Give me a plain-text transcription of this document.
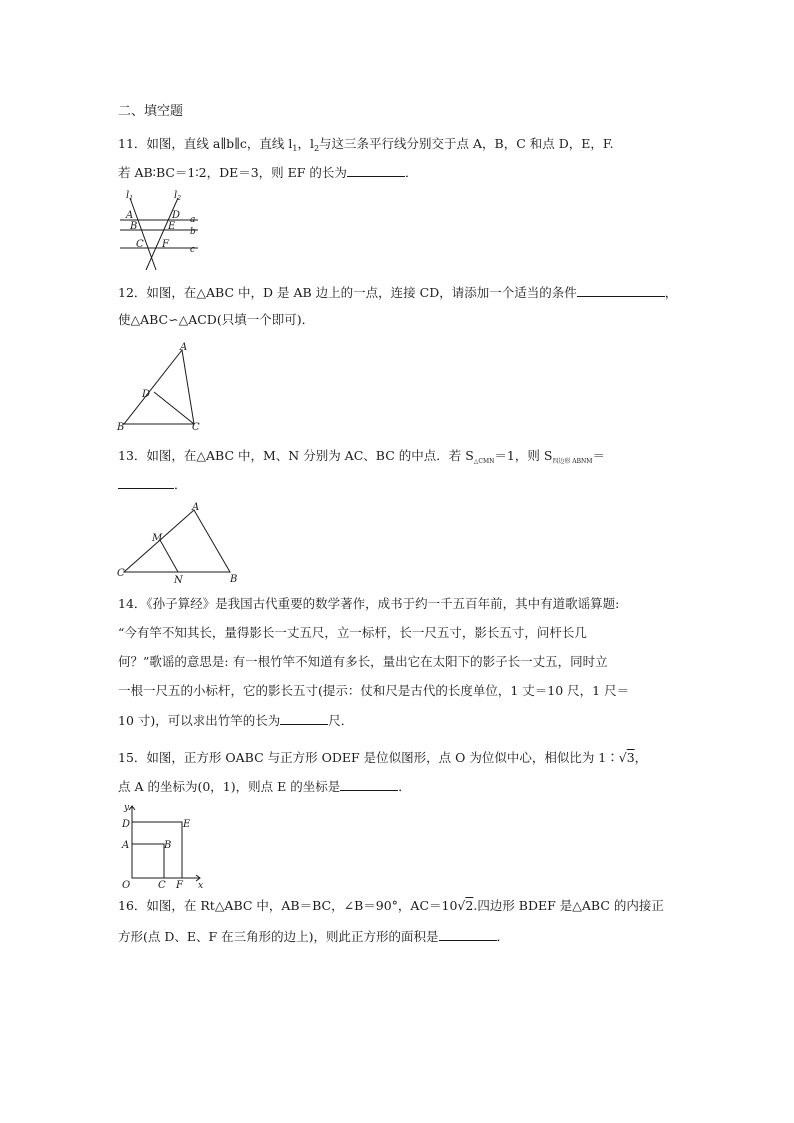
二、填空题
11．如图，直线 a∥b∥c，直线 $l_1$，$l_2$与这三条平行线分别交于点 A，B，C 和点 D，E，F.
若 AB∶BC＝1∶2，DE＝3，则 EF 的长为	．
$l_1$	$l_2$
A
B
C
D
E
F
a
b
c
12．如图，在△ABC 中，D 是 AB 边上的一点，连接 CD，请添加一个适当的条件	，
使△ABC∽△ACD(只填一个即可)．
A
B	C
D
13．如图，在△ABC 中，M、N 分别为 AC、BC 的中点．若 $S_{\triangle CMN}=1$，则 $S_{四边形 ABNM}=$
．
A
B
C
M
N
14．《孙子算经》是我国古代重要的数学著作，成书于约一千五百年前，其中有道歌谣算题:
“今有竿不知其长，量得影长一丈五尺，立一标杆，长一尺五寸，影长五寸，问杆长几
何？”歌谣的意思是: 有一根竹竿不知道有多长，量出它在太阳下的影子长一丈五，同时立
一根一尺五的小标杆，它的影长五寸(提示：仗和尺是古代的长度单位，1 丈＝10 尺，1 尺＝
10 寸)，可以求出竹竿的长为	尺．
15．如图，正方形 OABC 与正方形 ODEF 是位似图形，点 O 为位似中心，相似比为 1∶√3，
点 A 的坐标为(0，1)，则点 E 的坐标是	．
y
x
O
A	B
C
D	E
F
16．如图，在 Rt△ABC 中，AB＝BC，∠B＝90°，AC＝10√2.四边形 BDEF 是△ABC 的内接正
方形(点 D、E、F 在三角形的边上)，则此正方形的面积是	．
